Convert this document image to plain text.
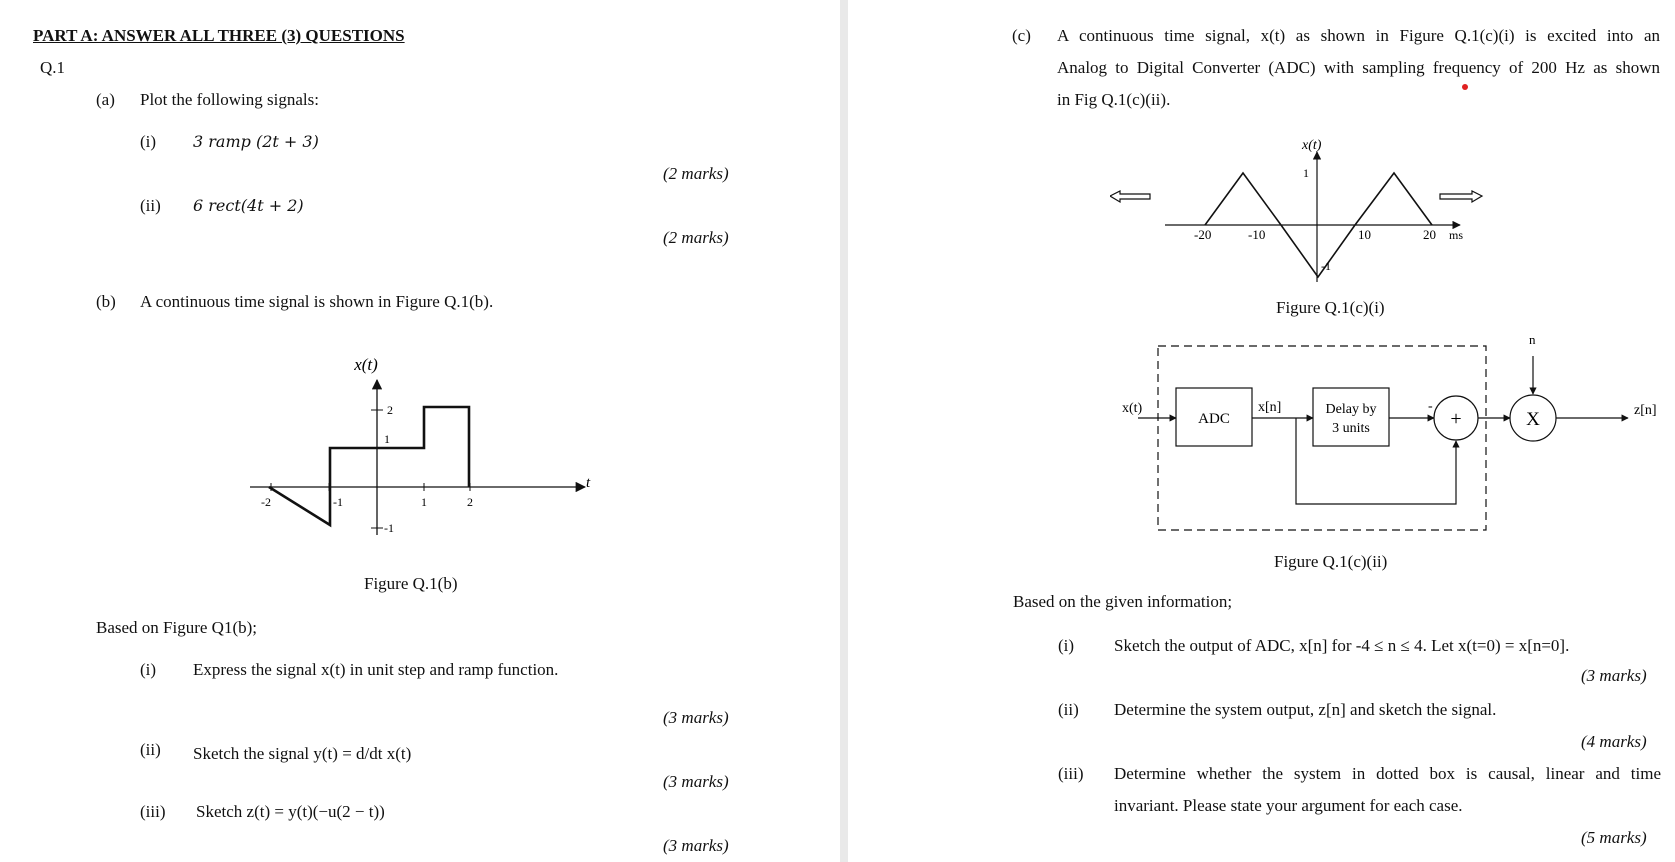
PART A: ANSWER ALL THREE (3) QUESTIONS
Q.1
(a) Plot the following signals:
(i) 3 ramp (2t + 3)
(2 marks)
(ii) 6 rect(4t + 2)
(2 marks)
(b) A continuous time signal is shown in Figure Q.1(b).
x(t)
t
2
1
-1
-2	-1	1	2
Figure Q.1(b)
Based on Figure Q1(b);
(i) Express the signal x(t) in unit step and ramp function.
(3 marks)
(ii) Sketch the signal y(t) = d/dt x(t)
(3 marks)
(iii) Sketch z(t) = y(t)(−u(2 − t))
(3 marks)
(c) A continuous time signal, x(t) as shown in Figure Q.1(c)(i) is excited into an
Analog to Digital Converter (ADC) with sampling frequency of 200 Hz as shown
in Fig Q.1(c)(ii).
x(t)
1
-1
-20	-10	10	20 ms
Figure Q.1(c)(i)
x(t)
ADC
x[n]	Delay by
3 units
-
+	X
n
z[n]
Figure Q.1(c)(ii)
Based on the given information;
(i) Sketch the output of ADC, x[n] for -4 ≤ n ≤ 4. Let x(t=0) = x[n=0].
(3 marks)
(ii) Determine the system output, z[n] and sketch the signal.
(4 marks)
(iii) Determine whether the system in dotted box is causal, linear and time
invariant. Please state your argument for each case.
(5 marks)
